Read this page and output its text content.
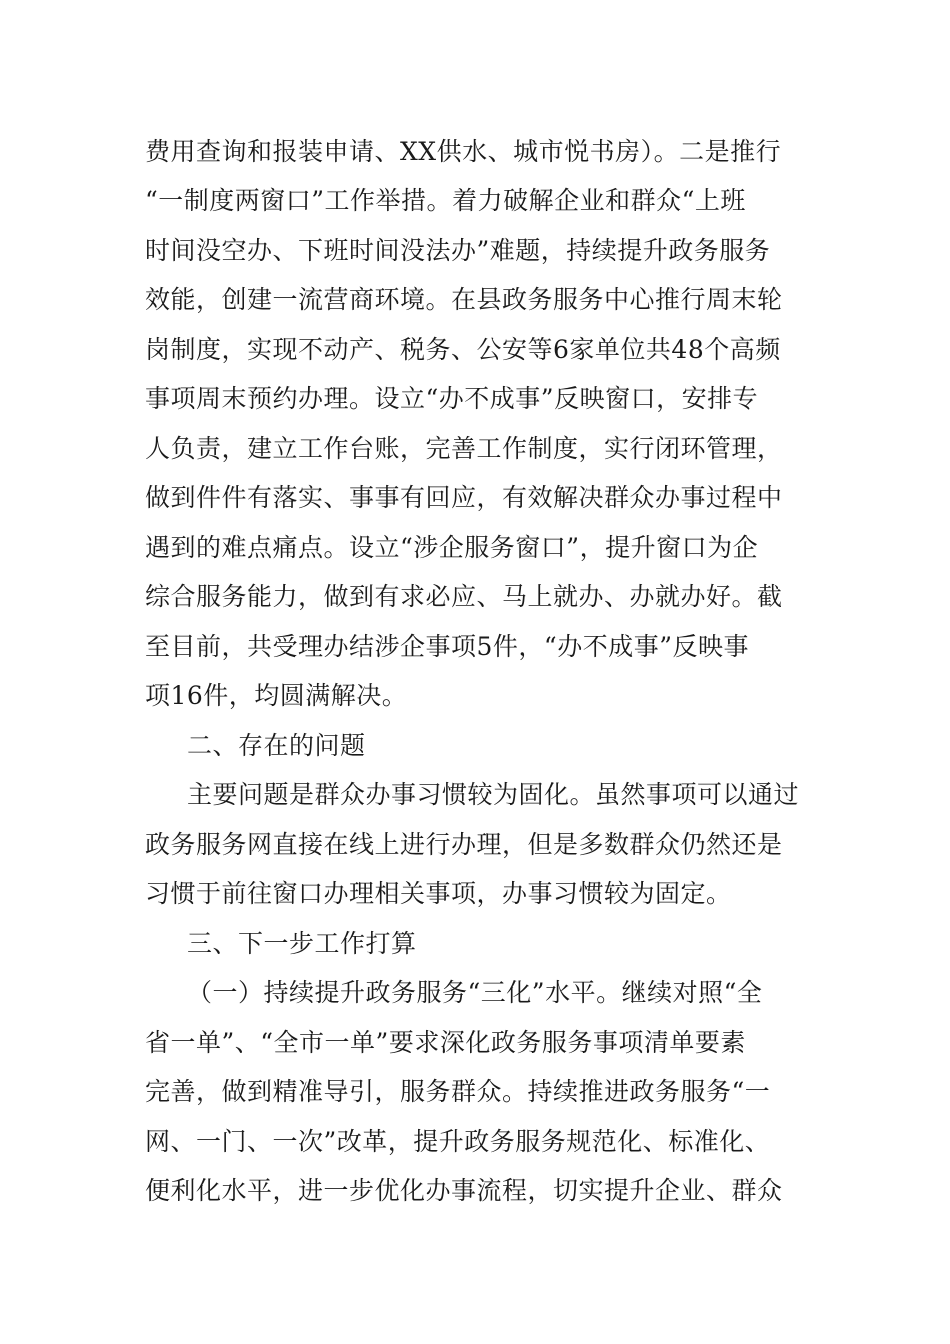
费用查询和报装申请、XX供水、城市悦书房）。二是推行
“一制度两窗口”工作举措。着力破解企业和群众“上班
时间没空办、下班时间没法办”难题，持续提升政务服务
效能，创建一流营商环境。在县政务服务中心推行周末轮
岗制度，实现不动产、税务、公安等6家单位共48个高频
事项周末预约办理。设立“办不成事”反映窗口，安排专
人负责，建立工作台账，完善工作制度，实行闭环管理，
做到件件有落实、事事有回应，有效解决群众办事过程中
遇到的难点痛点。设立“涉企服务窗口”，提升窗口为企
综合服务能力，做到有求必应、马上就办、办就办好。截
至目前，共受理办结涉企事项5件，“办不成事”反映事
项16件，均圆满解决。
二、存在的问题
主要问题是群众办事习惯较为固化。虽然事项可以通过
政务服务网直接在线上进行办理，但是多数群众仍然还是
习惯于前往窗口办理相关事项，办事习惯较为固定。
三、下一步工作打算
（一）持续提升政务服务“三化”水平。继续对照“全
省一单”、“全市一单”要求深化政务服务事项清单要素
完善，做到精准导引，服务群众。持续推进政务服务“一
网、一门、一次”改革，提升政务服务规范化、标准化、
便利化水平，进一步优化办事流程，切实提升企业、群众
